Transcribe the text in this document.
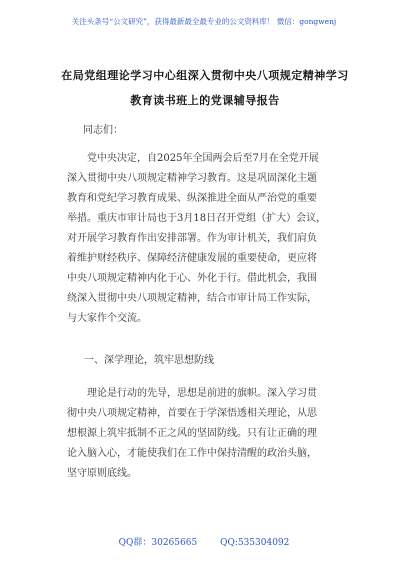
关注头条号“公文研究”，获得最新最全最专业的公文资料库！ 微信：gongwenj
在局党组理论学习中心组深入贯彻中央八项规定精神学习
教育读书班上的党课辅导报告
同志们：
党中央决定，自2025年全国两会后至7月在全党开展
深入贯彻中央八项规定精神学习教育。这是巩固深化主题
教育和党纪学习教育成果、纵深推进全面从严治党的重要
举措。重庆市审计局也于3月18日召开党组（扩大）会议，
对开展学习教育作出安排部署。作为审计机关，我们肩负
着维护财经秩序、保障经济健康发展的重要使命，更应将
中央八项规定精神内化于心、外化于行。借此机会，我围
绕深入贯彻中央八项规定精神，结合市审计局工作实际，
与大家作个交流。
一、深学理论，筑牢思想防线
理论是行动的先导，思想是前进的旗帜。深入学习贯
彻中央八项规定精神，首要在于学深悟透相关理论，从思
想根源上筑牢抵制不正之风的坚固防线。只有让正确的理
论入脑入心，才能使我们在工作中保持清醒的政治头脑，
坚守原则底线。
QQ群：30265665	QQ:535304092
